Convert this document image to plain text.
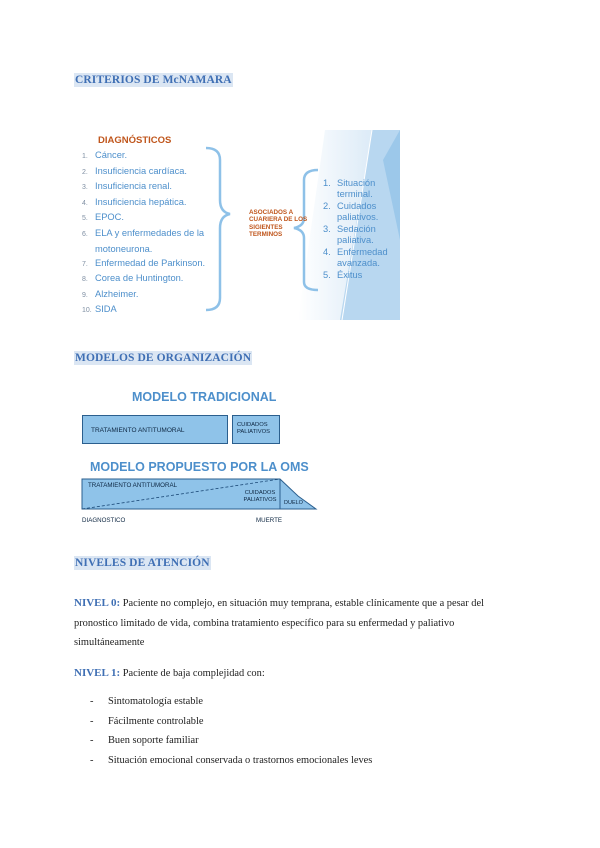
CRITERIOS DE McNAMARA
DIAGNÓSTICOS
1. Cáncer.
2. Insuficiencia cardíaca.
3. Insuficiencia renal.
4. Insuficiencia hepática.
5. EPOC.
6. ELA y enfermedades de la
motoneurona.
7. Enfermedad de Parkinson.
8. Corea de Huntington.
9. Alzheimer.
10. SIDA
ASOCIADOS A CUARIERA DE LOS SIGIENTES TERMINOS
1. Situación terminal.
2. Cuidados paliativos.
3. Sedación paliativa.
4. Enfermedad avanzada.
5. Éxitus
MODELOS DE ORGANIZACIÓN
MODELO TRADICIONAL
TRATAMIENTO ANTITUMORAL
CUIDADOS PALIATIVOS
MODELO PROPUESTO POR LA OMS
TRATAMIENTO ANTITUMORAL
CUIDADOS PALIATIVOS	DUELO
DIAGNOSTICO	MUERTE
NIVELES DE ATENCIÓN
NIVEL 0: Paciente no complejo, en situación muy temprana, estable clínicamente que a pesar del pronostico limitado de vida, combina tratamiento específico para su enfermedad y paliativo simultáneamente
NIVEL 1: Paciente de baja complejidad con:
- Sintomatología estable
- Fácilmente controlable
- Buen soporte familiar
- Situación emocional conservada o trastornos emocionales leves
